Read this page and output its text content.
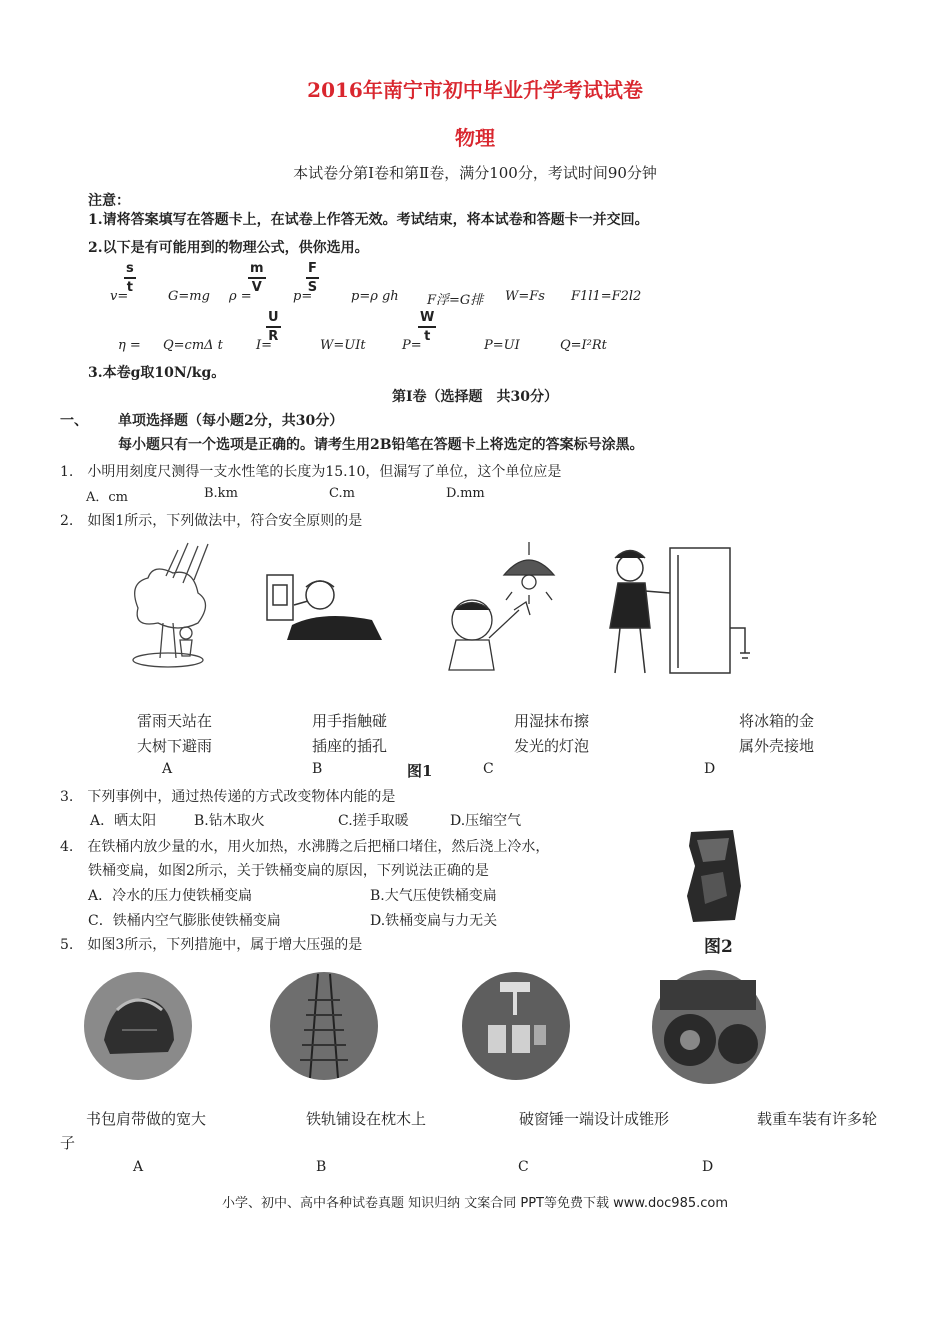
2016年南宁市初中毕业升学考试试卷
物理
本试卷分第Ⅰ卷和第Ⅱ卷，满分100分，考试时间90分钟
注意：
1.请将答案填写在答题卡上，在试卷上作答无效。考试结束，将本试卷和答题卡一并交回。
2.以下是有可能用到的物理公式，供你选用。
v=
$\frac{s}{t}$
G=mg ρ =
$\frac{m}{V}$
p=
$\frac{F}{S}$
p=ρ gh F浮=G排 W=Fs F1l1=F2l2
η = Q=cmΔ t	I=
$\frac{U}{R}$
W=UIt	P=
$\frac{W}{t}$
P=UI	Q=I²Rt
3.本卷g取10N/kg。
第Ⅰ卷（选择题　共30分）
一、 单项选择题（每小题2分，共30分）
每小题只有一个选项是正确的。请考生用2B铅笔在答题卡上将选定的答案标号涂黑。
1.　小明用刻度尺测得一支水性笔的长度为15.10，但漏写了单位，这个单位应是
A．cm	B.km	C.m	D.mm
2.　如图1所示，下列做法中，符合安全原则的是
雷雨天站在
大树下避雨
用手指触碰
插座的插孔
用湿抹布擦
发光的灯泡
将冰箱的金
属外壳接地
A	B	图1	C	D
3.　下列事例中，通过热传递的方式改变物体内能的是
A．晒太阳	B.钻木取火	C.搓手取暖	D.压缩空气
4.　在铁桶内放少量的水，用火加热，水沸腾之后把桶口堵住，然后浇上冷水，
铁桶变扁，如图2所示，关于铁桶变扁的原因，下列说法正确的是
A．冷水的压力使铁桶变扁	B.大气压使铁桶变扁
C．铁桶内空气膨胀使铁桶变扁	D.铁桶变扁与力无关
图2
5.　如图3所示，下列措施中，属于增大压强的是
书包肩带做的宽大	铁轨铺设在枕木上	破窗锤一端设计成锥形	载重车装有许多轮
子
A	B	C	D
小学、初中、高中各种试卷真题 知识归纳 文案合同 PPT等免费下载 www.doc985.com
